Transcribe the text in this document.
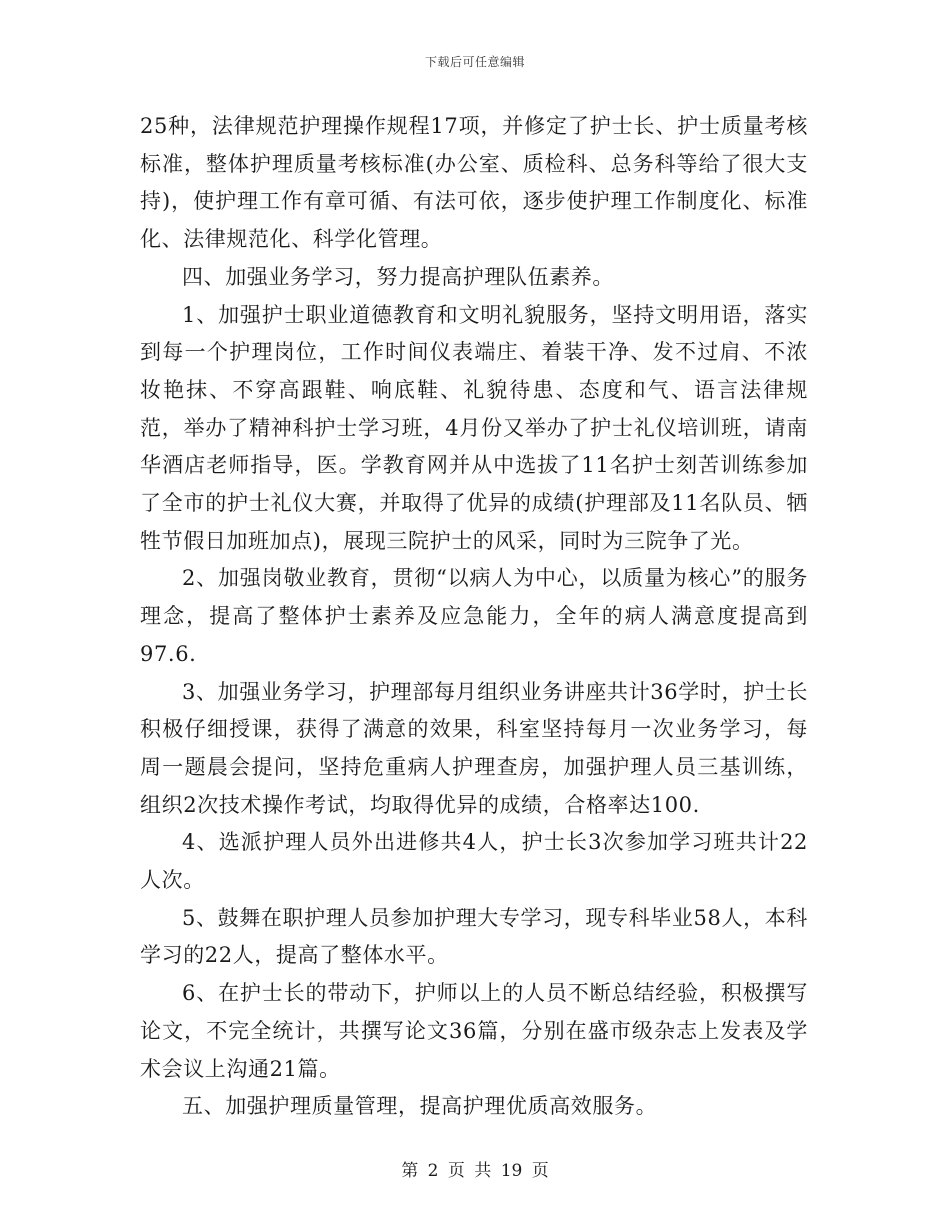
下载后可任意编辑

25种，法律规范护理操作规程17项，并修定了护士长、护士质量考核标准，整体护理质量考核标准(办公室、质检科、总务科等给了很大支持)，使护理工作有章可循、有法可依，逐步使护理工作制度化、标准化、法律规范化、科学化管理。

四、加强业务学习，努力提高护理队伍素养。

1、加强护士职业道德教育和文明礼貌服务，坚持文明用语，落实到每一个护理岗位，工作时间仪表端庄、着装干净、发不过肩、不浓妆艳抹、不穿高跟鞋、响底鞋、礼貌待患、态度和气、语言法律规范，举办了精神科护士学习班，4月份又举办了护士礼仪培训班，请南华酒店老师指导，医。学教育网并从中选拔了11名护士刻苦训练参加了全市的护士礼仪大赛，并取得了优异的成绩(护理部及11名队员、牺牲节假日加班加点)，展现三院护士的风采，同时为三院争了光。

2、加强岗敬业教育，贯彻“以病人为中心，以质量为核心”的服务理念，提高了整体护士素养及应急能力，全年的病人满意度提高到97.6.

3、加强业务学习，护理部每月组织业务讲座共计36学时，护士长积极仔细授课，获得了满意的效果，科室坚持每月一次业务学习，每周一题晨会提问，坚持危重病人护理查房，加强护理人员三基训练，组织2次技术操作考试，均取得优异的成绩，合格率达100.

4、选派护理人员外出进修共4人，护士长3次参加学习班共计22人次。

5、鼓舞在职护理人员参加护理大专学习，现专科毕业58人，本科学习的22人，提高了整体水平。

6、在护士长的带动下，护师以上的人员不断总结经验，积极撰写论文，不完全统计，共撰写论文36篇，分别在盛市级杂志上发表及学术会议上沟通21篇。

五、加强护理质量管理，提高护理优质高效服务。

第 2 页 共 19 页
